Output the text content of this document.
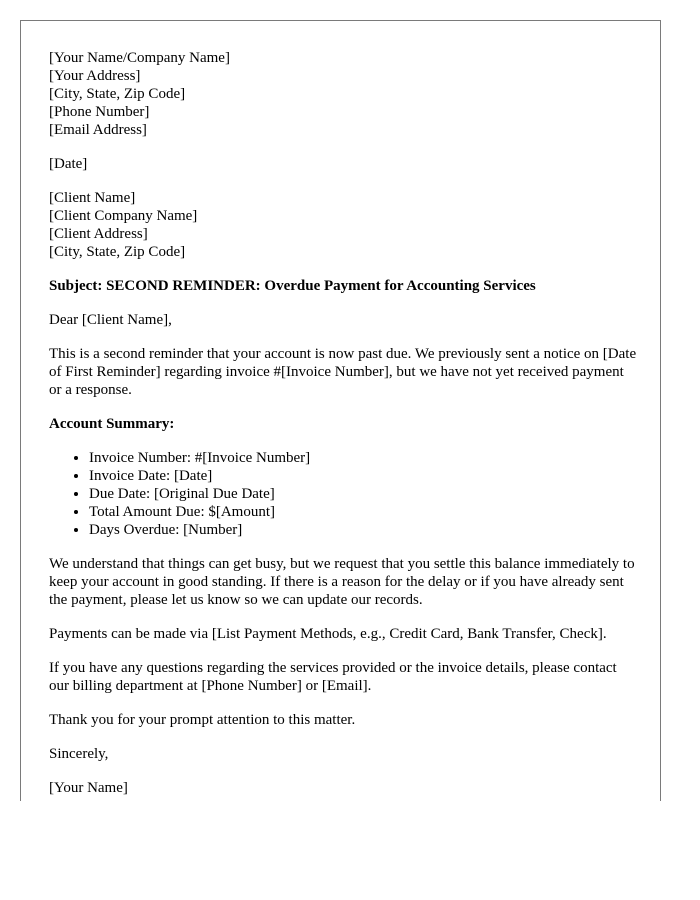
[Your Name/Company Name]
[Your Address]
[City, State, Zip Code]
[Phone Number]
[Email Address]
[Date]
[Client Name]
[Client Company Name]
[Client Address]
[City, State, Zip Code]

Subject: SECOND REMINDER: Overdue Payment for Accounting Services

Dear [Client Name],

This is a second reminder that your account is now past due. We previously sent a notice on [Date of First Reminder] regarding invoice #[Invoice Number], but we have not yet received payment or a response.

Account Summary:

• Invoice Number: #[Invoice Number]
• Invoice Date: [Date]
• Due Date: [Original Due Date]
• Total Amount Due: $[Amount]
• Days Overdue: [Number]

We understand that things can get busy, but we request that you settle this balance immediately to keep your account in good standing. If there is a reason for the delay or if you have already sent the payment, please let us know so we can update our records.

Payments can be made via [List Payment Methods, e.g., Credit Card, Bank Transfer, Check].

If you have any questions regarding the services provided or the invoice details, please contact our billing department at [Phone Number] or [Email].

Thank you for your prompt attention to this matter.

Sincerely,

[Your Name]
